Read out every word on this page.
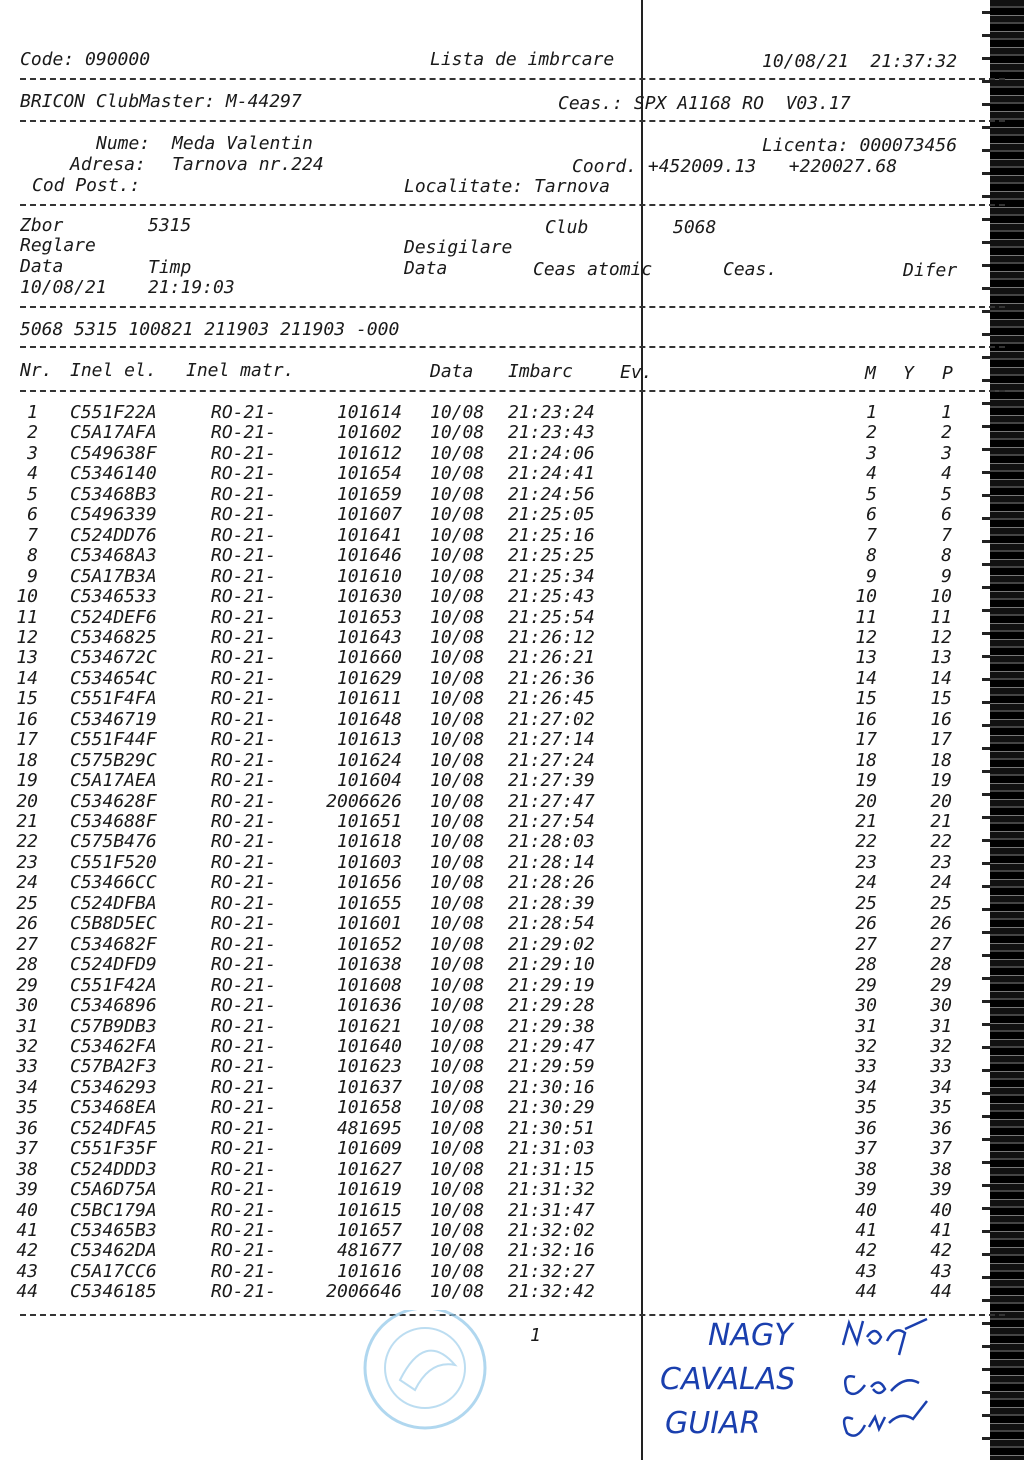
Code: 090000	Lista de imbrcare	10/08/21  21:37:32
BRICON ClubMaster: M-44297	Ceas.: SPX A1168 RO  V03.17
Nume: Meda Valentin	Licenta: 000073456
Adresa: Tarnova nr.224	Coord. +452009.13   +220027.68
Cod Post.:	Localitate: Tarnova
Zbor	5315	Club	5068
Reglare	Desigilare
Data	Timp	Data	Ceas atomic	Ceas.	Difer
10/08/21 21:19:03
5068 5315 100821 211903 211903 -000
Nr. Inel el. Inel matr.	Data Imbarc	Ev.	M Y P
1 C551F22A	RO-21-	101614 10/08 21:23:24	1	1
2 C5A17AFA	RO-21-	101602 10/08 21:23:43	2	2
3 C549638F	RO-21-	101612 10/08 21:24:06	3	3
4 C5346140	RO-21-	101654 10/08 21:24:41	4	4
5 C53468B3	RO-21-	101659 10/08 21:24:56	5	5
6 C5496339	RO-21-	101607 10/08 21:25:05	6	6
7 C524DD76	RO-21-	101641 10/08 21:25:16	7	7
8 C53468A3	RO-21-	101646 10/08 21:25:25	8	8
9 C5A17B3A	RO-21-	101610 10/08 21:25:34	9	9
10 C5346533	RO-21-	101630 10/08 21:25:43	10	10
11 C524DEF6	RO-21-	101653 10/08 21:25:54	11	11
12 C5346825	RO-21-	101643 10/08 21:26:12	12	12
13 C534672C	RO-21-	101660 10/08 21:26:21	13	13
14 C534654C	RO-21-	101629 10/08 21:26:36	14	14
15 C551F4FA	RO-21-	101611 10/08 21:26:45	15	15
16 C5346719	RO-21-	101648 10/08 21:27:02	16	16
17 C551F44F	RO-21-	101613 10/08 21:27:14	17	17
18 C575B29C	RO-21-	101624 10/08 21:27:24	18	18
19 C5A17AEA	RO-21-	101604 10/08 21:27:39	19	19
20 C534628F	RO-21-	2006626 10/08 21:27:47	20	20
21 C534688F	RO-21-	101651 10/08 21:27:54	21	21
22 C575B476	RO-21-	101618 10/08 21:28:03	22	22
23 C551F520	RO-21-	101603 10/08 21:28:14	23	23
24 C53466CC	RO-21-	101656 10/08 21:28:26	24	24
25 C524DFBA	RO-21-	101655 10/08 21:28:39	25	25
26 C5B8D5EC	RO-21-	101601 10/08 21:28:54	26	26
27 C534682F	RO-21-	101652 10/08 21:29:02	27	27
28 C524DFD9	RO-21-	101638 10/08 21:29:10	28	28
29 C551F42A	RO-21-	101608 10/08 21:29:19	29	29
30 C5346896	RO-21-	101636 10/08 21:29:28	30	30
31 C57B9DB3	RO-21-	101621 10/08 21:29:38	31	31
32 C53462FA	RO-21-	101640 10/08 21:29:47	32	32
33 C57BA2F3	RO-21-	101623 10/08 21:29:59	33	33
34 C5346293	RO-21-	101637 10/08 21:30:16	34	34
35 C53468EA	RO-21-	101658 10/08 21:30:29	35	35
36 C524DFA5	RO-21-	481695 10/08 21:30:51	36	36
37 C551F35F	RO-21-	101609 10/08 21:31:03	37	37
38 C524DDD3	RO-21-	101627 10/08 21:31:15	38	38
39 C5A6D75A	RO-21-	101619 10/08 21:31:32	39	39
40 C5BC179A	RO-21-	101615 10/08 21:31:47	40	40
41 C53465B3	RO-21-	101657 10/08 21:32:02	41	41
42 C53462DA	RO-21-	481677 10/08 21:32:16	42	42
43 C5A17CC6	RO-21-	101616 10/08 21:32:27	43	43
44 C5346185	RO-21-	2006646 10/08 21:32:42	44	44
1	NAGY
CAVALAS
GUIAR
